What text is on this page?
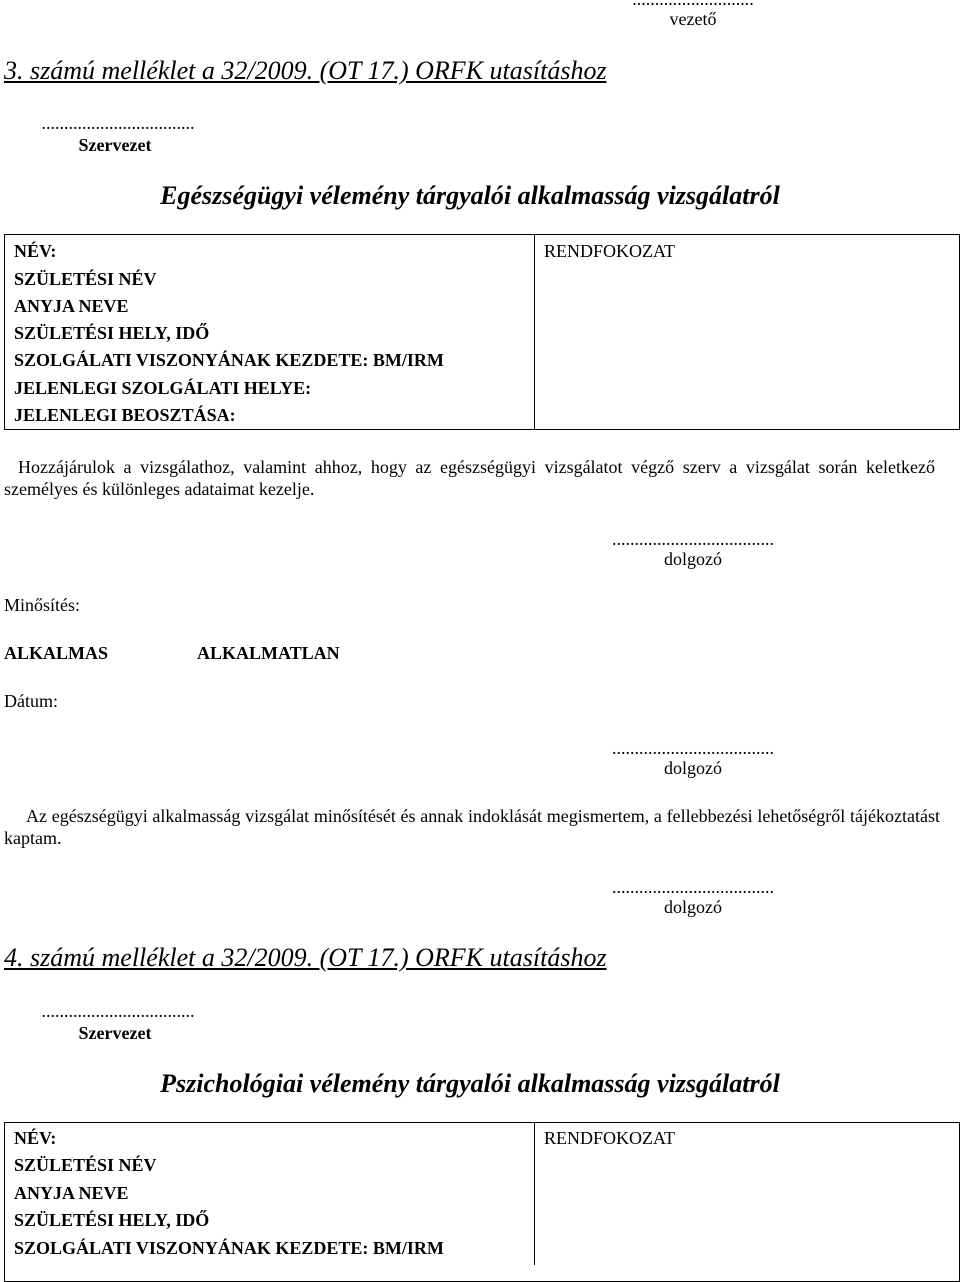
vezető
3. számú melléklet a 32/2009. (OT 17.) ORFK utasításhoz
..................................
Szervezet
Egészségügyi vélemény tárgyalói alkalmasság vizsgálatról
NÉV:
SZÜLETÉSI NÉV
ANYJA NEVE
SZÜLETÉSI HELY, IDŐ
SZOLGÁLATI VISZONYÁNAK KEZDETE: BM/IRM
JELENLEGI SZOLGÁLATI HELYE:
JELENLEGI BEOSZTÁSA:
RENDFOKOZAT
Hozzájárulok a vizsgálathoz, valamint ahhoz, hogy az egészségügyi vizsgálatot végző szerv a vizsgálat során keletkező személyes és különleges adataimat kezelje.
....................................
dolgozó
Minősítés:
ALKALMAS	ALKALMATLAN
Dátum:
....................................
dolgozó
Az egészségügyi alkalmasság vizsgálat minősítését és annak indoklását megismertem, a fellebbezési lehetőségről tájékoztatást kaptam.
....................................
dolgozó
4. számú melléklet a 32/2009. (OT 17.) ORFK utasításhoz
..................................
Szervezet
Pszichológiai vélemény tárgyalói alkalmasság vizsgálatról
NÉV:
SZÜLETÉSI NÉV
ANYJA NEVE
SZÜLETÉSI HELY, IDŐ
SZOLGÁLATI VISZONYÁNAK KEZDETE: BM/IRM
RENDFOKOZAT
